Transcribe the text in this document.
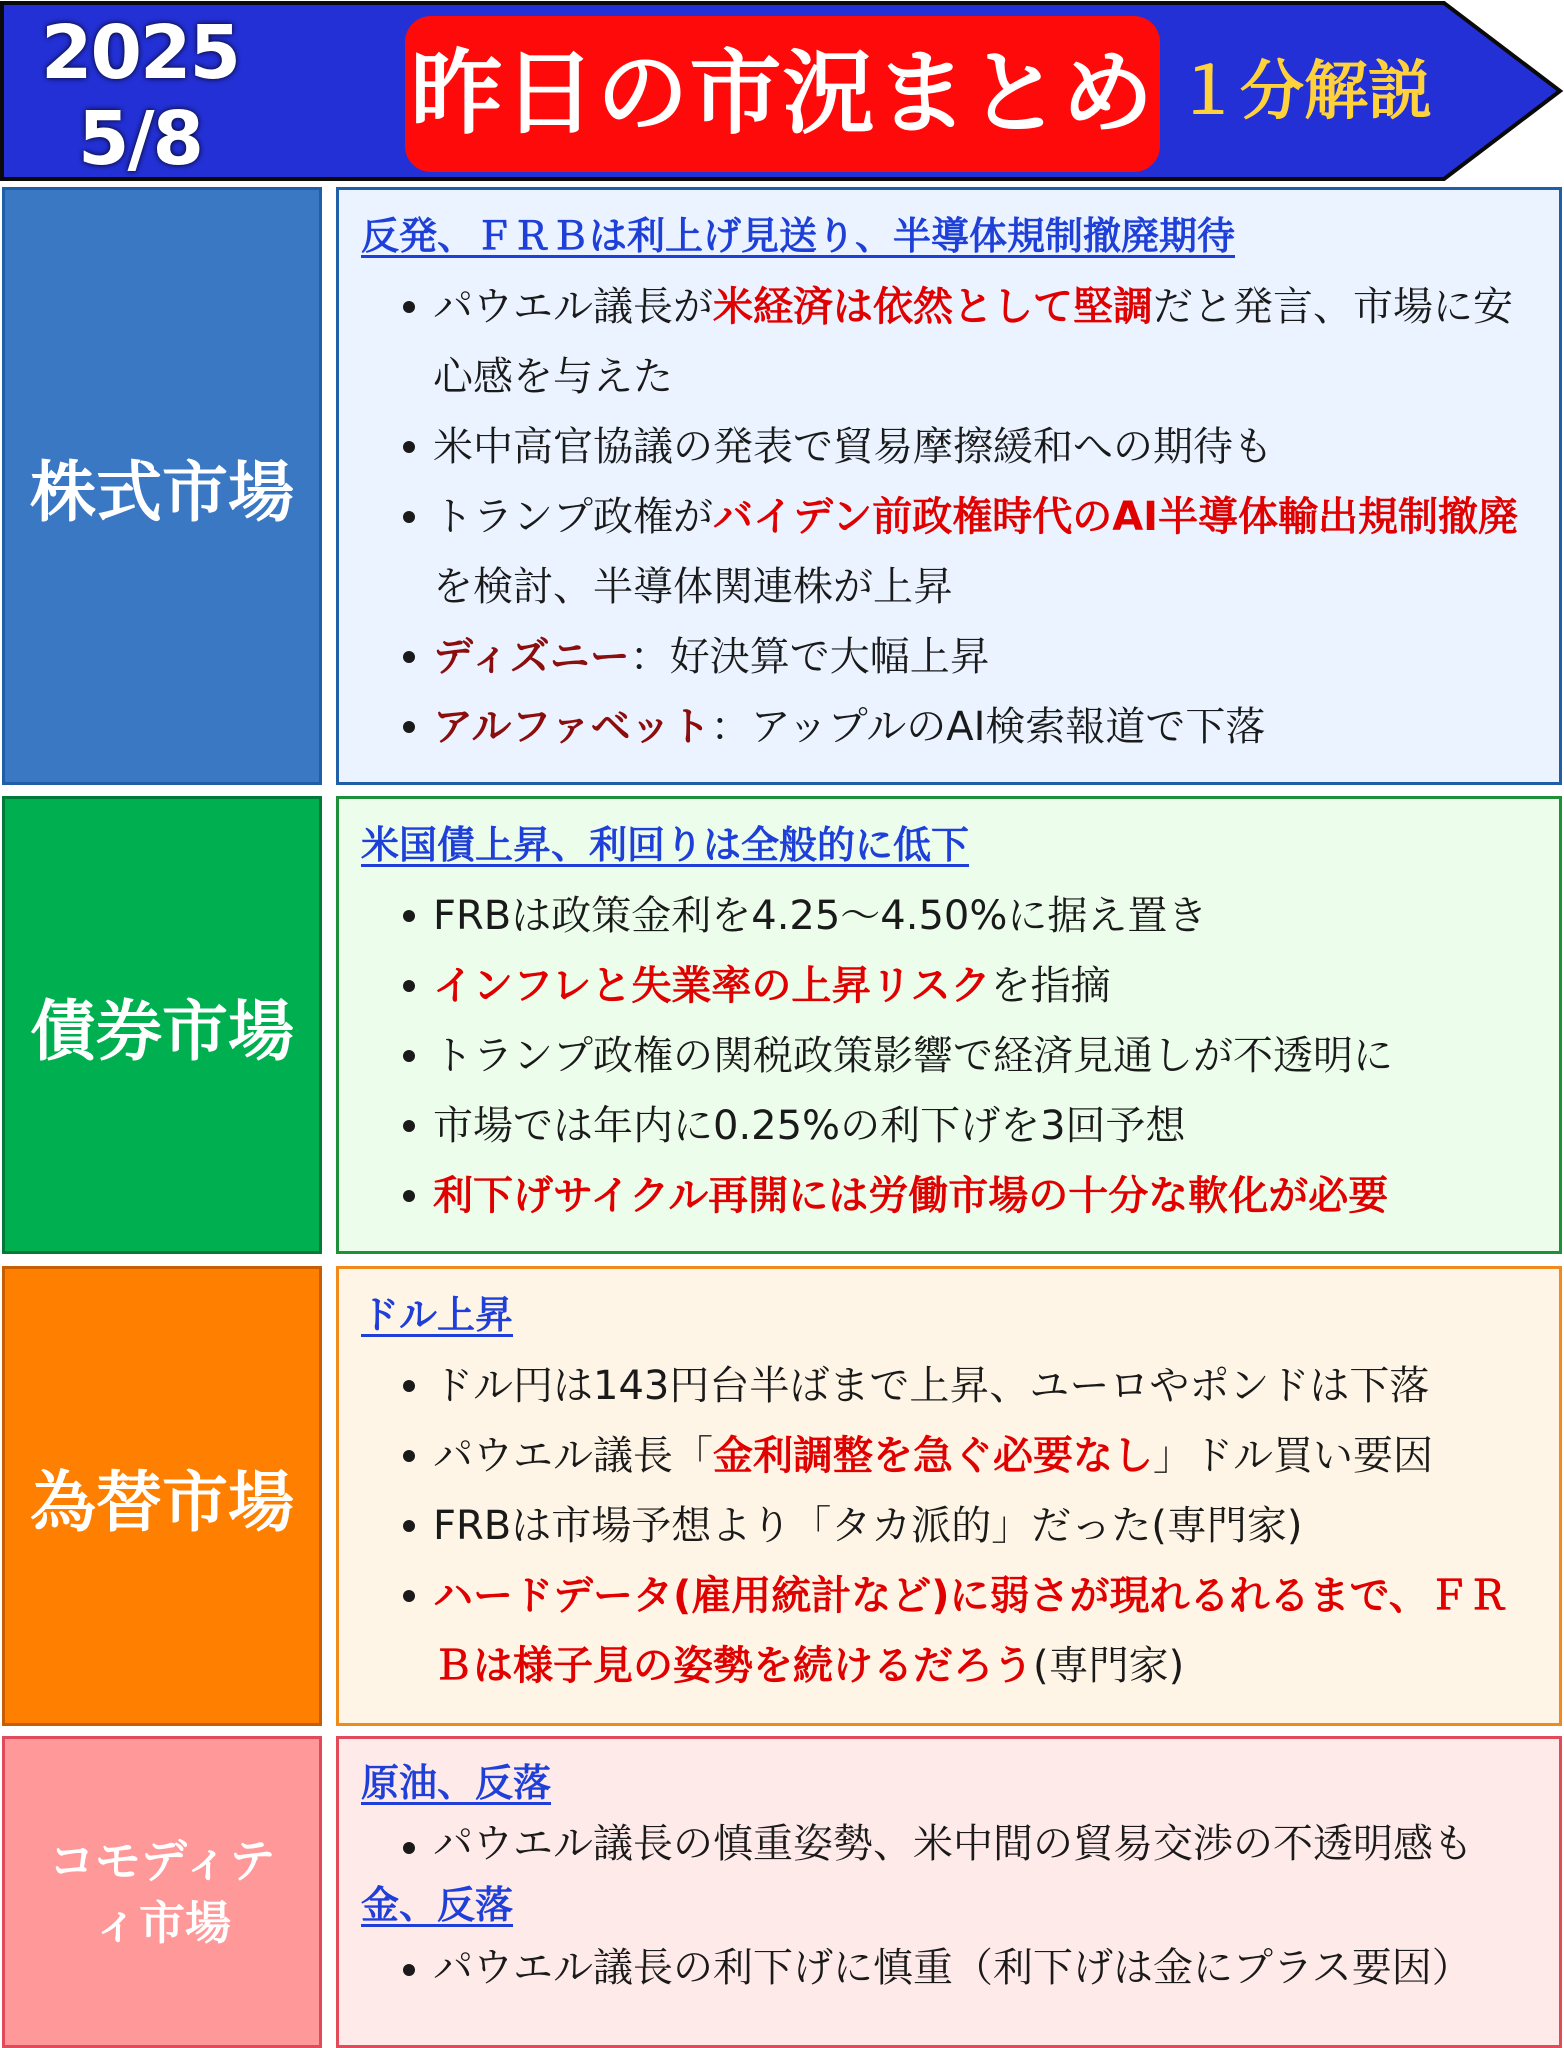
2025
5/8	昨日の市況まとめ １分解説
株式市場
反発、ＦＲＢは利上げ見送り、半導体規制撤廃期待
パウエル議長が米経済は依然として堅調だと発言、市場に安心感を与えた
米中高官協議の発表で貿易摩擦緩和への期待も
トランプ政権がバイデン前政権時代のAI半導体輸出規制撤廃を検討、半導体関連株が上昇
ディズニー：好決算で大幅上昇
アルファベット：アップルのAI検索報道で下落
債券市場
米国債上昇、利回りは全般的に低下
FRBは政策金利を4.25～4.50%に据え置き
インフレと失業率の上昇リスクを指摘
トランプ政権の関税政策影響で経済見通しが不透明に
市場では年内に0.25%の利下げを3回予想
利下げサイクル再開には労働市場の十分な軟化が必要
為替市場
ドル上昇
ドル円は143円台半ばまで上昇、ユーロやポンドは下落
パウエル議長「金利調整を急ぐ必要なし」ドル買い要因
FRBは市場予想より「タカ派的」だった(専門家)
ハードデータ(雇用統計など)に弱さが現れるれるまで、ＦＲＢは様子見の姿勢を続けるだろう(専門家)
コモディテ
ィ市場
原油、反落
パウエル議長の慎重姿勢、米中間の貿易交渉の不透明感も
金、反落
パウエル議長の利下げに慎重（利下げは金にプラス要因）
